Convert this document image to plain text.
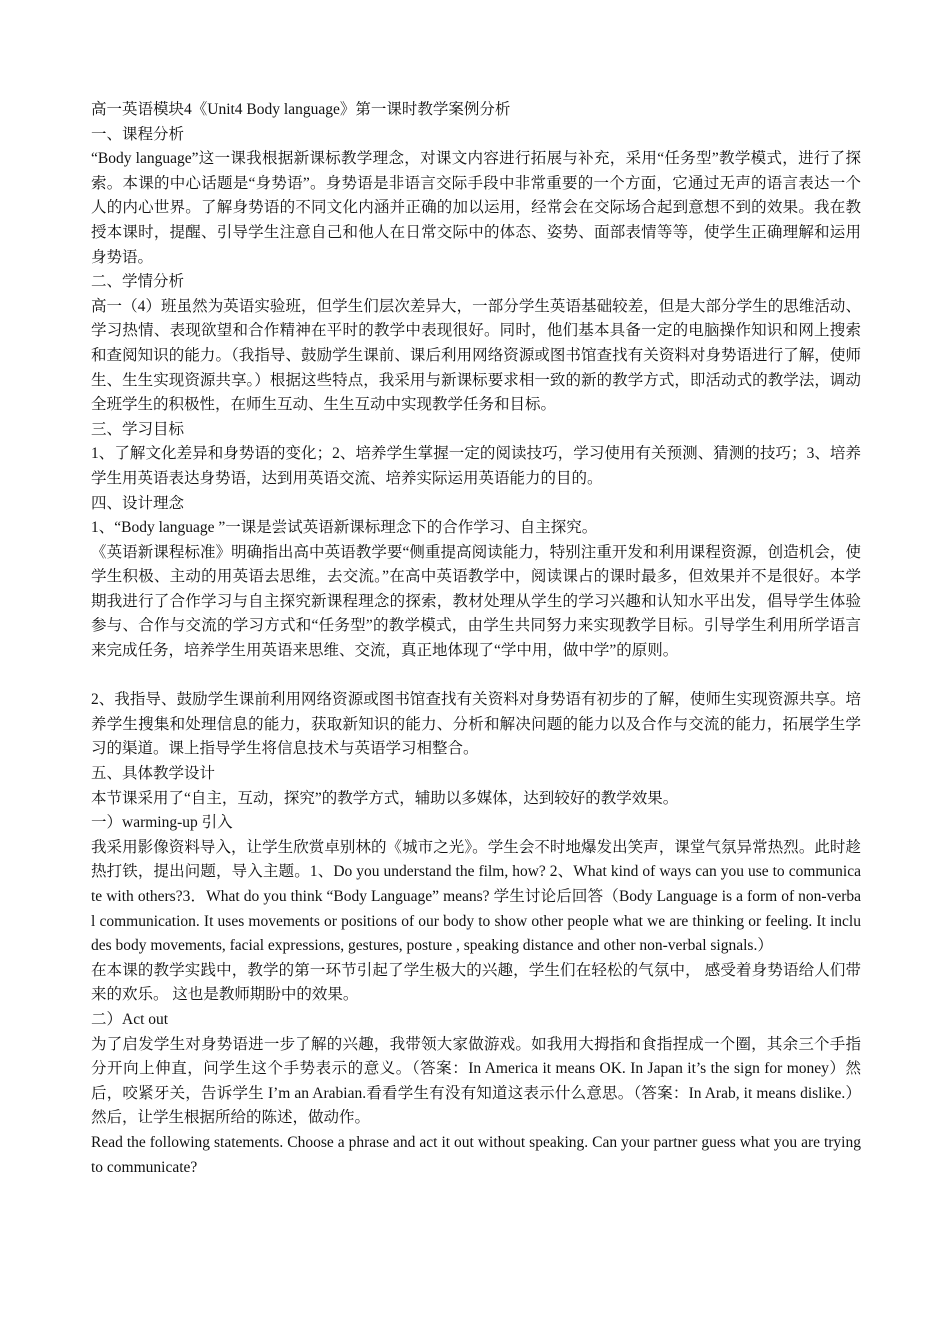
高一英语模块4《Unit4 Body language》第一课时教学案例分析

一、课程分析

“Body language”这一课我根据新课标教学理念，对课文内容进行拓展与补充，采用“任务型”教学模式，进行了探索。本课的中心话题是“身势语”。身势语是非语言交际手段中非常重要的一个方面，它通过无声的语言表达一个人的内心世界。了解身势语的不同文化内涵并正确的加以运用，经常会在交际场合起到意想不到的效果。我在教授本课时，提醒、引导学生注意自己和他人在日常交际中的体态、姿势、面部表情等等，使学生正确理解和运用身势语。

二、学情分析

高一（4）班虽然为英语实验班，但学生们层次差异大，一部分学生英语基础较差，但是大部分学生的思维活动、学习热情、表现欲望和合作精神在平时的教学中表现很好。同时，他们基本具备一定的电脑操作知识和网上搜索和查阅知识的能力。（我指导、鼓励学生课前、课后利用网络资源或图书馆查找有关资料对身势语进行了解，使师生、生生实现资源共享。）根据这些特点，我采用与新课标要求相一致的新的教学方式，即活动式的教学法，调动全班学生的积极性，在师生互动、生生互动中实现教学任务和目标。

三、学习目标

1、了解文化差异和身势语的变化；2、培养学生掌握一定的阅读技巧，学习使用有关预测、猜测的技巧；3、培养学生用英语表达身势语，达到用英语交流、培养实际运用英语能力的目的。

四、设计理念

1、“Body language ”一课是尝试英语新课标理念下的合作学习、自主探究。

《英语新课程标准》明确指出高中英语教学要“侧重提高阅读能力，特别注重开发和利用课程资源，创造机会，使学生积极、主动的用英语去思维，去交流。”在高中英语教学中，阅读课占的课时最多，但效果并不是很好。本学期我进行了合作学习与自主探究新课程理念的探索，教材处理从学生的学习兴趣和认知水平出发，倡导学生体验参与、合作与交流的学习方式和“任务型”的教学模式，由学生共同努力来实现教学目标。引导学生利用所学语言来完成任务，培养学生用英语来思维、交流，真正地体现了“学中用，做中学”的原则。

2、我指导、鼓励学生课前利用网络资源或图书馆查找有关资料对身势语有初步的了解，使师生实现资源共享。培养学生搜集和处理信息的能力，获取新知识的能力、分析和解决问题的能力以及合作与交流的能力，拓展学生学习的渠道。课上指导学生将信息技术与英语学习相整合。

五、具体教学设计

本节课采用了“自主，互动，探究”的教学方式，辅助以多媒体，达到较好的教学效果。

一）warming-up 引入

我采用影像资料导入，让学生欣赏卓别林的《城市之光》。学生会不时地爆发出笑声，课堂气氛异常热烈。此时趁热打铁，提出问题，导入主题。1、Do you understand the film, how? 2、What kind of ways can you use to communicate with others?3．What do you think “Body Language” means? 学生讨论后回答（Body Language is a form of non-verbal communication. It uses movements or positions of our body to show other people what we are thinking or feeling. It includes body movements, facial expressions, gestures, posture , speaking distance and other non-verbal signals.）

在本课的教学实践中，教学的第一环节引起了学生极大的兴趣，学生们在轻松的气氛中， 感受着身势语给人们带来的欢乐。 这也是教师期盼中的效果。

二）Act out

为了启发学生对身势语进一步了解的兴趣，我带领大家做游戏。如我用大拇指和食指捏成一个圈，其余三个手指分开向上伸直，问学生这个手势表示的意义。（答案：In America it means OK. In Japan it’s the sign for money）然后，咬紧牙关，告诉学生 I’m an Arabian.看看学生有没有知道这表示什么意思。（答案：In Arab, it means dislike.）然后，让学生根据所给的陈述，做动作。

Read the following statements. Choose a phrase and act it out without speaking. Can your partner guess what you are trying to communicate?
